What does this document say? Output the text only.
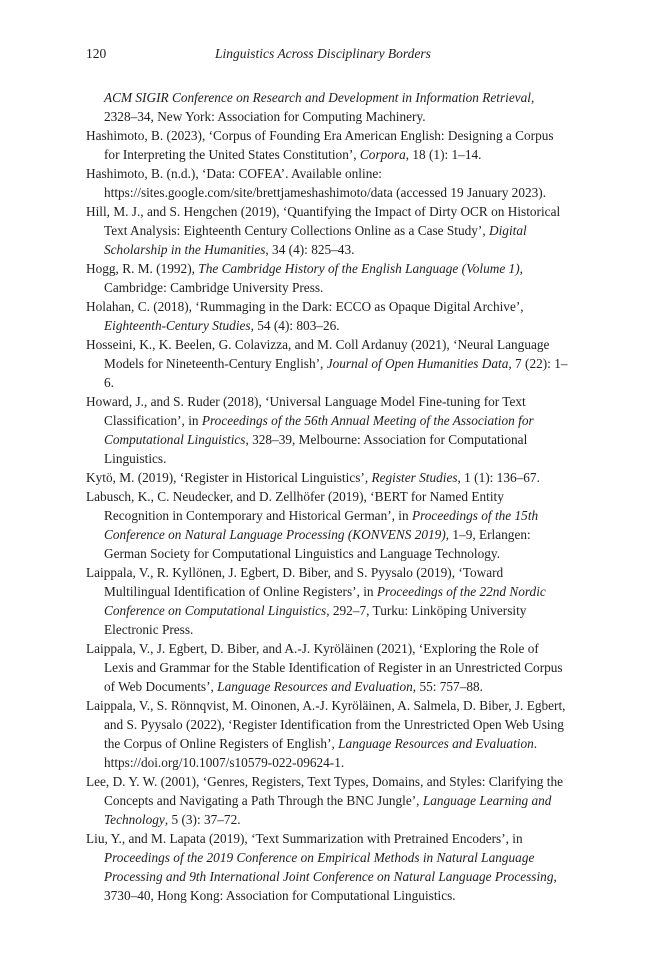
120	Linguistics Across Disciplinary Borders
ACM SIGIR Conference on Research and Development in Information Retrieval, 2328–34, New York: Association for Computing Machinery.
Hashimoto, B. (2023), ‘Corpus of Founding Era American English: Designing a Corpus for Interpreting the United States Constitution’, Corpora, 18 (1): 1–14.
Hashimoto, B. (n.d.), ‘Data: COFEA’. Available online: https://sites.google.com/site/brettjameshashimoto/data (accessed 19 January 2023).
Hill, M. J., and S. Hengchen (2019), ‘Quantifying the Impact of Dirty OCR on Historical Text Analysis: Eighteenth Century Collections Online as a Case Study’, Digital Scholarship in the Humanities, 34 (4): 825–43.
Hogg, R. M. (1992), The Cambridge History of the English Language (Volume 1), Cambridge: Cambridge University Press.
Holahan, C. (2018), ‘Rummaging in the Dark: ECCO as Opaque Digital Archive’, Eighteenth-Century Studies, 54 (4): 803–26.
Hosseini, K., K. Beelen, G. Colavizza, and M. Coll Ardanuy (2021), ‘Neural Language Models for Nineteenth-Century English’, Journal of Open Humanities Data, 7 (22): 1–6.
Howard, J., and S. Ruder (2018), ‘Universal Language Model Fine-tuning for Text Classification’, in Proceedings of the 56th Annual Meeting of the Association for Computational Linguistics, 328–39, Melbourne: Association for Computational Linguistics.
Kytö, M. (2019), ‘Register in Historical Linguistics’, Register Studies, 1 (1): 136–67.
Labusch, K., C. Neudecker, and D. Zellhöfer (2019), ‘BERT for Named Entity Recognition in Contemporary and Historical German’, in Proceedings of the 15th Conference on Natural Language Processing (KONVENS 2019), 1–9, Erlangen: German Society for Computational Linguistics and Language Technology.
Laippala, V., R. Kyllönen, J. Egbert, D. Biber, and S. Pyysalo (2019), ‘Toward Multilingual Identification of Online Registers’, in Proceedings of the 22nd Nordic Conference on Computational Linguistics, 292–7, Turku: Linköping University Electronic Press.
Laippala, V., J. Egbert, D. Biber, and A.-J. Kyröläinen (2021), ‘Exploring the Role of Lexis and Grammar for the Stable Identification of Register in an Unrestricted Corpus of Web Documents’, Language Resources and Evaluation, 55: 757–88.
Laippala, V., S. Rönnqvist, M. Oinonen, A.-J. Kyröläinen, A. Salmela, D. Biber, J. Egbert, and S. Pyysalo (2022), ‘Register Identification from the Unrestricted Open Web Using the Corpus of Online Registers of English’, Language Resources and Evaluation. https://doi.org/10.1007/s10579-022-09624-1.
Lee, D. Y. W. (2001), ‘Genres, Registers, Text Types, Domains, and Styles: Clarifying the Concepts and Navigating a Path Through the BNC Jungle’, Language Learning and Technology, 5 (3): 37–72.
Liu, Y., and M. Lapata (2019), ‘Text Summarization with Pretrained Encoders’, in Proceedings of the 2019 Conference on Empirical Methods in Natural Language Processing and 9th International Joint Conference on Natural Language Processing, 3730–40, Hong Kong: Association for Computational Linguistics.
